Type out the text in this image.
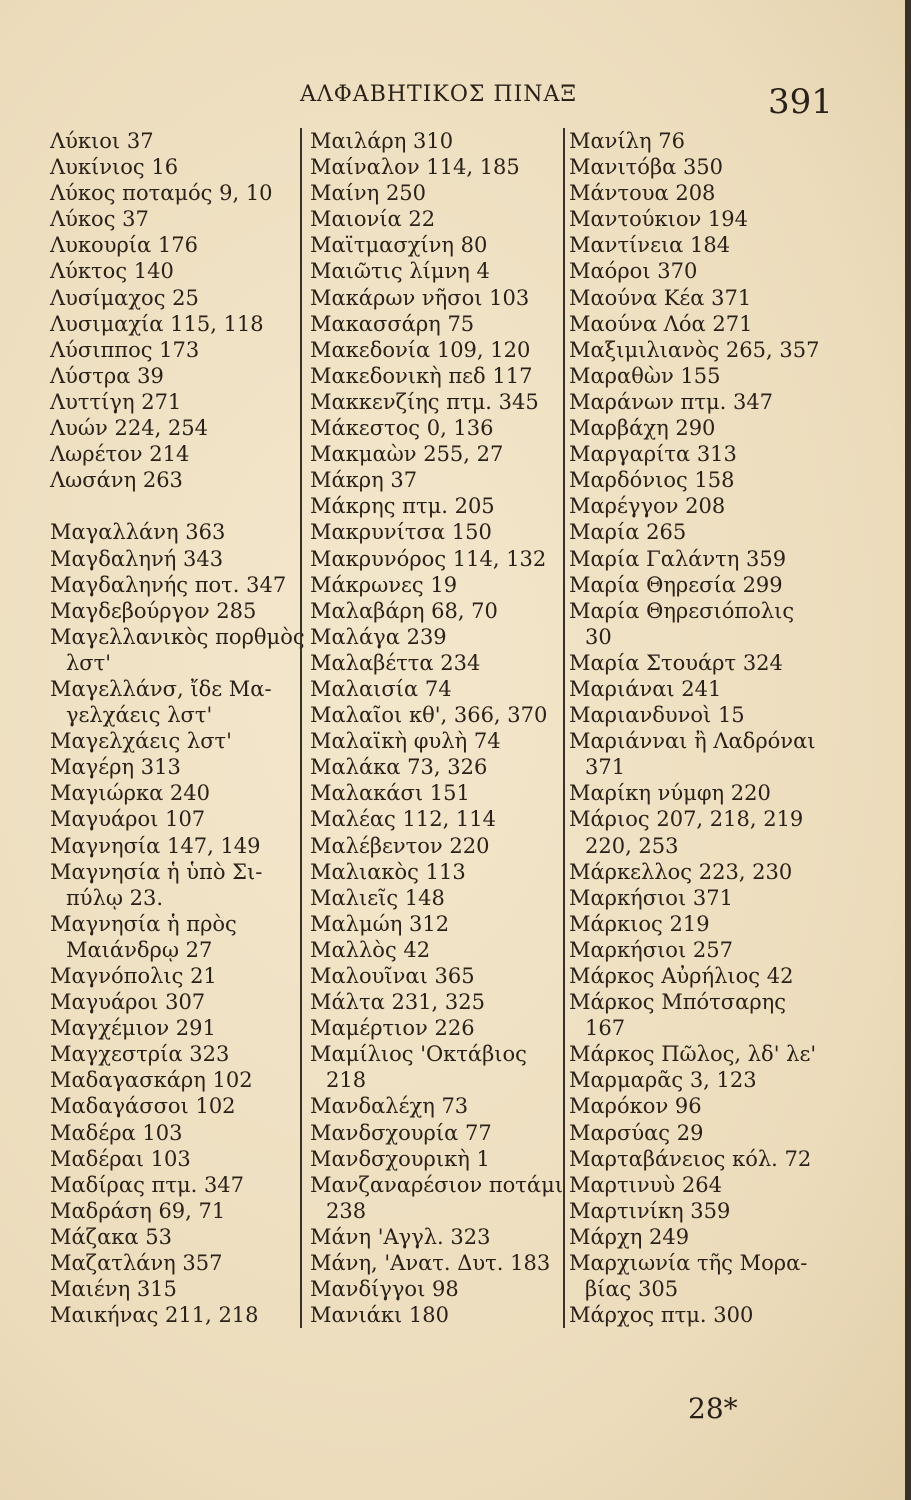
ΑΛΦΑΒΗΤΙΚΟΣ ΠΙΝΑΞ	391
Λύκιοι 37
Λυκίνιος 16
Λύκος ποταμός 9, 10
Λύκος 37
Λυκουρία 176
Λύκτος 140
Λυσίμαχος 25
Λυσιμαχία 115, 118
Λύσιππος 173
Λύστρα 39
Λυττίγη 271
Λυών 224, 254
Λωρέτον 214
Λωσάνη 263
Μαγαλλάνη 363
Μαγδαληνή 343
Μαγδαληνής ποτ. 347
Μαγδεβούργον 285
Μαγελλανικὸς πορθμὸς
λστ'
Μαγελλάνσ, ἴδε Μα-
γελχάεις λστ'
Μαγελχάεις λστ'
Μαγέρη 313
Μαγιώρκα 240
Μαγυάροι 107
Μαγνησία 147, 149
Μαγνησία ἡ ὑπὸ Σι-
πύλῳ 23.
Μαγνησία ἡ πρὸς
Μαιάνδρῳ 27
Μαγνόπολις 21
Μαγυάροι 307
Μαγχέμιον 291
Μαγχεστρία 323
Μαδαγασκάρη 102
Μαδαγάσσοι 102
Μαδέρα 103
Μαδέραι 103
Μαδίρας πτμ. 347
Μαδράση 69, 71
Μάζακα 53
Μαζατλάνη 357
Μαιένη 315
Μαικήνας 211, 218
Μαιλάρη 310
Μαίναλον 114, 185
Μαίνη 250
Μαιονία 22
Μαϊτμασχίνη 80
Μαιῶτις λίμνη 4
Μακάρων νῆσοι 103
Μακασσάρη 75
Μακεδονία 109, 120
Μακεδονικὴ πεδ 117
Μακκενζίης πτμ. 345
Μάκεστος 0, 136
Μακμαὼν 255, 27
Μάκρη 37
Μάκρης πτμ. 205
Μακρυνίτσα 150
Μακρυνόρος 114, 132
Μάκρωνες 19
Μαλαβάρη 68, 70
Μαλάγα 239
Μαλαβέττα 234
Μαλαισία 74
Μαλαῖοι κθ', 366, 370
Μαλαϊκὴ φυλὴ 74
Μαλάκα 73, 326
Μαλακάσι 151
Μαλέας 112, 114
Μαλέβεντον 220
Μαλιακὸς 113
Μαλιεῖς 148
Μαλμώη 312
Μαλλὸς 42
Μαλουῖναι 365
Μάλτα 231, 325
Μαμέρτιον 226
Μαμίλιος 'Οκτάβιος
218
Μανδαλέχη 73
Μανδσχουρία 77
Μανδσχουρικὴ 1
Μανζαναρέσιον ποτάμι
238
Μάνη 'Αγγλ. 323
Μάνη, 'Ανατ. Δυτ. 183
Μανδίγγοι 98
Μανιάκι 180
Μανίλη 76
Μανιτόβα 350
Μάντουα 208
Μαντούκιον 194
Μαντίνεια 184
Μαόροι 370
Μαούνα Κέα 371
Μαούνα Λόα 271
Μαξιμιλιανὸς 265, 357
Μαραθὼν 155
Μαράνων πτμ. 347
Μαρβάχη 290
Μαργαρίτα 313
Μαρδόνιος 158
Μαρέγγον 208
Μαρία 265
Μαρία Γαλάντη 359
Μαρία Θηρεσία 299
Μαρία Θηρεσιόπολις
30
Μαρία Στουάρτ 324
Μαριάναι 241
Μαριανδυνοὶ 15
Μαριάνναι ἢ Λαδρόναι
371
Μαρίκη νύμφη 220
Μάριος 207, 218, 219
220, 253
Μάρκελλος 223, 230
Μαρκήσιοι 371
Μάρκιος 219
Μαρκήσιοι 257
Μάρκος Αὐρήλιος 42
Μάρκος Μπότσαρης
167
Μάρκος Πῶλος, λδ' λε'
Μαρμαρᾶς 3, 123
Μαρόκον 96
Μαρσύας 29
Μαρταβάνειος κόλ. 72
Μαρτινυὺ 264
Μαρτινίκη 359
Μάρχη 249
Μαρχιωνία τῆς Μορα-
βίας 305
Μάρχος πτμ. 300
28*
